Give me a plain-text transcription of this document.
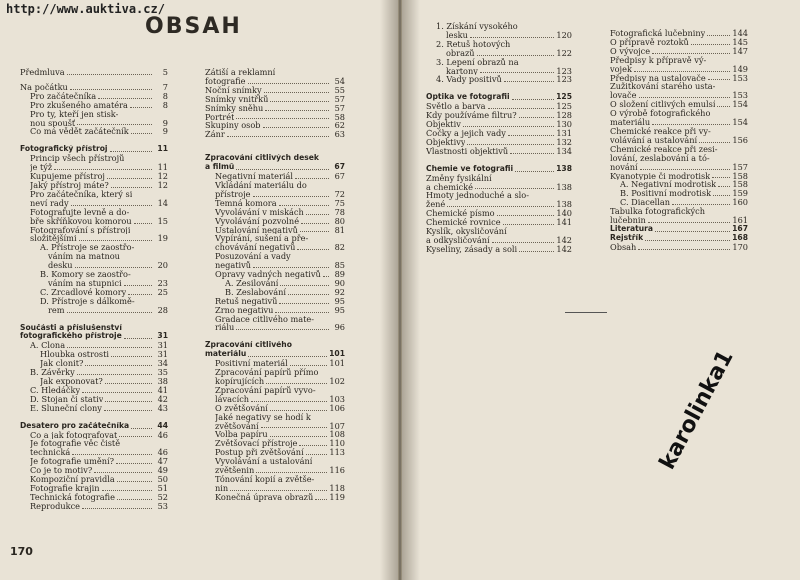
http://www.auktiva.cz/
OBSAH
Předmluva	5
Na počátku	7
Pro začátečníka	8
Pro zkušeného amatéra	8
Pro ty, kteří jen stisk-
nou spoušť	9
Co má vědět začátečník	9
Fotografický přístroj	11
Princip všech přístrojů
je týž	11
Kupujeme přístroj	12
Jaký přístroj máte?	12
Pro začátečníka, který si
neví rady	14
Fotografujte levně a do-
bře skříňkovou komorou	15
Fotografování s přístroji
složitějšími	19
A. Přístroje se zaostřo-
váním na matnou
desku	20
B. Komory se zaostřo-
váním na stupnici	23
C. Zrcadlové komory	25
D. Přístroje s dálkomě-
rem	28
Součásti a příslušenství
fotografického přístroje	31
A. Clona	31
Hloubka ostrosti	31
Jak clonit?	34
B. Závěrky	35
Jak exponovat?	38
C. Hledáčky	41
D. Stojan či stativ	42
E. Sluneční clony	43
Desatero pro začátečníka	44
Co a jak fotografovat	46
Je fotografie věc čistě
technická	46
Je fotografie umění?	47
Co je to motiv?	49
Kompoziční pravidla	50
Fotografie krajin	51
Technická fotografie	52
Reprodukce	53
Zátiší a reklamní
fotografie	54
Noční snímky	55
Snímky vnitřků	57
Snímky sněhu	57
Portrét	58
Skupiny osob	62
Žánr	63
Zpracování citlivých desek
a filmů	67
Negativní materiál	67
Vkládání materiálu do
přístroje	72
Temná komora	75
Vyvolávání v miskách	78
Vyvolávání pozvolné	80
Ustalování negativů	81
Vypírání, sušení a pře-
chovávání negativů	82
Posuzování a vady
negativů	85
Opravy vadných negativů	89
A. Zesilování	90
B. Zeslabování	92
Retuš negativů	95
Zrno negativu	95
Gradace citlivého mate-
riálu	96
Zpracování citlivého
materiálu	101
Positivní materiál	101
Zpracování papírů přímo
kopírujících	102
Zpracování papírů vyvo-
lávacích	103
O zvětšování	106
Jaké negativy se hodí k
zvětšování	107
Volba papíru	108
Zvětšovací přístroje	110
Postup při zvětšování	113
Vyvolávání a ustalování
zvětšenin	116
Tónování kopií a zvětše-
nin	118
Konečná úprava obrazů 119
1. Získání vysokého
lesku	120
2. Retuš hotových
obrazů	122
3. Lepení obrazů na
kartony	123
4. Vady positivů	123
Optika ve fotografii	125
Světlo a barva	125
Kdy používáme filtru?	128
Objektiv	130
Čočky a jejich vady	131
Objektivy	132
Vlastnosti objektivů	134
Chemie ve fotografii	138
Změny fysikální
a chemické	138
Hmoty jednoduché a slo-
žené	138
Chemické písmo	140
Chemické rovnice	141
Kyslík, okysličování
a odkysličování	142
Kyseliny, zásady a soli	142
Fotografická lučebniny	144
O přípravě roztoků	145
O vývojce	147
Předpisy k přípravě vý-
vojek	149
Předpisy na ustalovače	153
Zužitkování starého usta-
lovače	153
O složení citlivých emulsí 154
O výrobě fotografického
materiálu	154
Chemické reakce při vy-
volávání a ustalování	156
Chemické reakce při zesi-
lování, zeslabování a tó-
nování	157
Kyanotypie či modrotisk	158
A. Negativní modrotisk 158
B. Positivní modrotisk	159
C. Diacellan	160
Tabulka fotografických
lučebnin	161
Literatura	167
Rejstřík	168
Obsah	170
170
karolinka1
